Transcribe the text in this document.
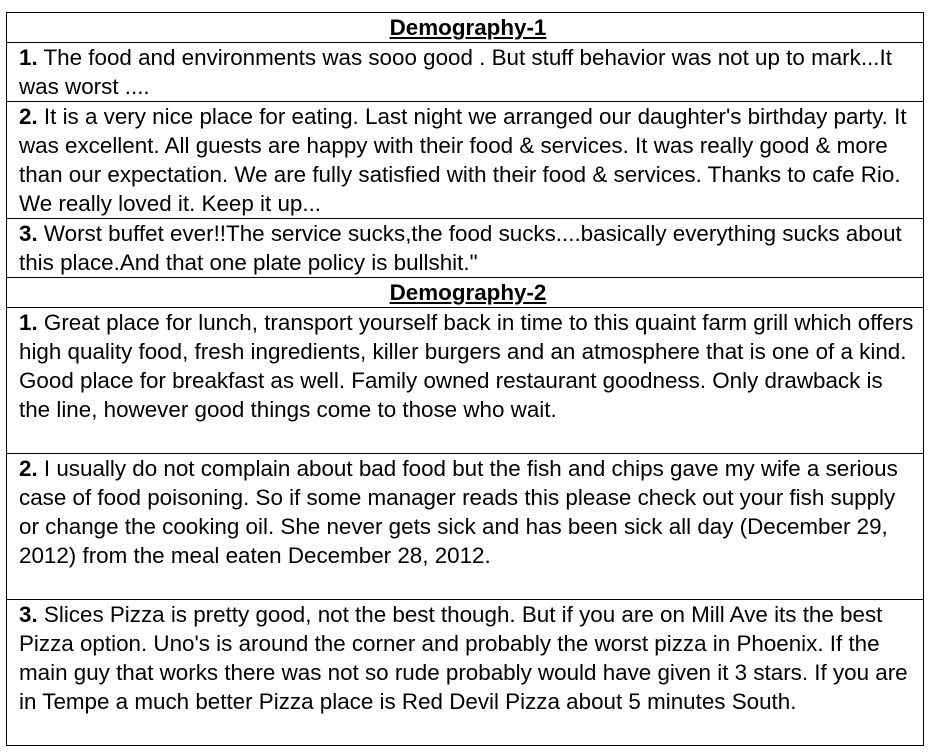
Demography-1
1. The food and environments was sooo good . But stuff behavior was not up to mark...It was worst ....
2. It is a very nice place for eating. Last night we arranged our daughter's birthday party. It was excellent. All guests are happy with their food & services. It was really good & more than our expectation. We are fully satisfied with their food & services. Thanks to cafe Rio. We really loved it. Keep it up...
3. Worst buffet ever!!The service sucks,the food sucks....basically everything sucks about this place.And that one plate policy is bullshit."
Demography-2
1. Great place for lunch, transport yourself back in time to this quaint farm grill which offers high quality food, fresh ingredients, killer burgers and an atmosphere that is one of a kind. Good place for breakfast as well. Family owned restaurant goodness. Only drawback is the line, however good things come to those who wait.
2. I usually do not complain about bad food but the fish and chips gave my wife a serious case of food poisoning. So if some manager reads this please check out your fish supply or change the cooking oil. She never gets sick and has been sick all day (December 29, 2012) from the meal eaten December 28, 2012.
3. Slices Pizza is pretty good, not the best though. But if you are on Mill Ave its the best Pizza option. Uno's is around the corner and probably the worst pizza in Phoenix. If the main guy that works there was not so rude probably would have given it 3 stars. If you are in Tempe a much better Pizza place is Red Devil Pizza about 5 minutes South.
